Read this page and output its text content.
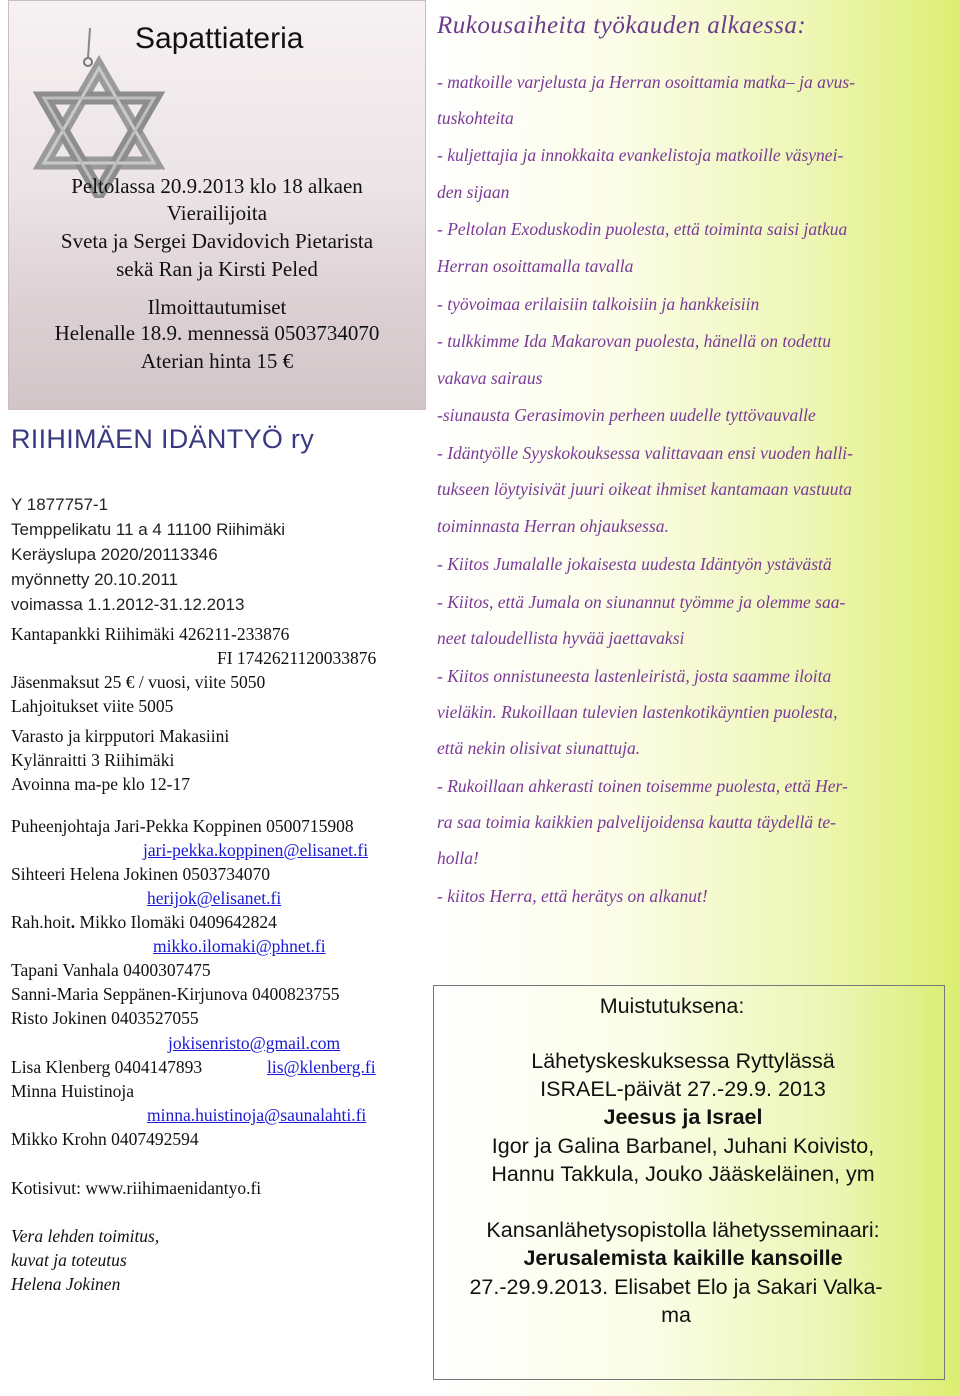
Sapattiateria
Peltolassa 20.9.2013 klo 18 alkaen
Vierailijoita
Sveta ja Sergei Davidovich Pietarista
sekä Ran ja Kirsti Peled
Ilmoittautumiset
Helenalle 18.9. mennessä 0503734070
Aterian hinta 15 €
RIIHIMÄEN IDÄNTYÖ ry
Y 1877757-1
Temppelikatu 11 a 4 11100 Riihimäki
Keräyslupa 2020/20113346
myönnetty 20.10.2011
voimassa 1.1.2012-31.12.2013
Kantapankki Riihimäki 426211-233876
FI 1742621120033876
Jäsenmaksut 25 € / vuosi, viite 5050
Lahjoitukset viite 5005
Varasto ja kirpputori Makasiini
Kylänraitti 3 Riihimäki
Avoinna ma-pe klo 12-17
Puheenjohtaja Jari-Pekka Koppinen 0500715908
jari-pekka.koppinen@elisanet.fi
Sihteeri Helena Jokinen 0503734070
herijok@elisanet.fi
Rah.hoit. Mikko Ilomäki 0409642824
mikko.ilomaki@phnet.fi
Tapani Vanhala 0400307475
Sanni-Maria Seppänen-Kirjunova 0400823755
Risto Jokinen 0403527055
jokisenristo@gmail.com
Lisa Klenberg 0404147893	lis@klenberg.fi
Minna Huistinoja
minna.huistinoja@saunalahti.fi
Mikko Krohn 0407492594
Kotisivut: www.riihimaenidantyo.fi
Vera lehden toimitus,
kuvat ja toteutus
Helena Jokinen
Rukousaiheita työkauden alkaessa:
- matkoille varjelusta ja Herran osoittamia matka– ja avus-
tuskohteita
- kuljettajia ja innokkaita evankelistoja matkoille väsynei-
den sijaan
- Peltolan Exoduskodin puolesta, että toiminta saisi jatkua
Herran osoittamalla tavalla
- työvoimaa erilaisiin talkoisiin ja hankkeisiin
- tulkkimme Ida Makarovan puolesta, hänellä on todettu
vakava sairaus
-siunausta Gerasimovin perheen uudelle tyttövauvalle
- Idäntyölle Syyskokouksessa valittavaan ensi vuoden halli-
tukseen löytyisivät juuri oikeat ihmiset kantamaan vastuuta
toiminnasta Herran ohjauksessa.
- Kiitos Jumalalle jokaisesta uudesta Idäntyön ystävästä
- Kiitos, että Jumala on siunannut työmme ja olemme saa-
neet taloudellista hyvää jaettavaksi
- Kiitos onnistuneesta lastenleiristä, josta saamme iloita
vieläkin. Rukoillaan tulevien lastenkotikäyntien puolesta,
että nekin olisivat siunattuja.
- Rukoillaan ahkerasti toinen toisemme puolesta, että Her-
ra saa toimia kaikkien palvelijoidensa kautta täydellä te-
holla!
- kiitos Herra, että herätys on alkanut!
Muistutuksena:
Lähetyskeskuksessa Ryttylässä
ISRAEL-päivät 27.-29.9. 2013
Jeesus ja Israel
Igor ja Galina Barbanel, Juhani Koivisto,
Hannu Takkula, Jouko Jääskeläinen, ym
Kansanlähetysopistolla lähetysseminaari:
Jerusalemista kaikille kansoille
27.-29.9.2013. Elisabet Elo ja Sakari Valka-
ma
